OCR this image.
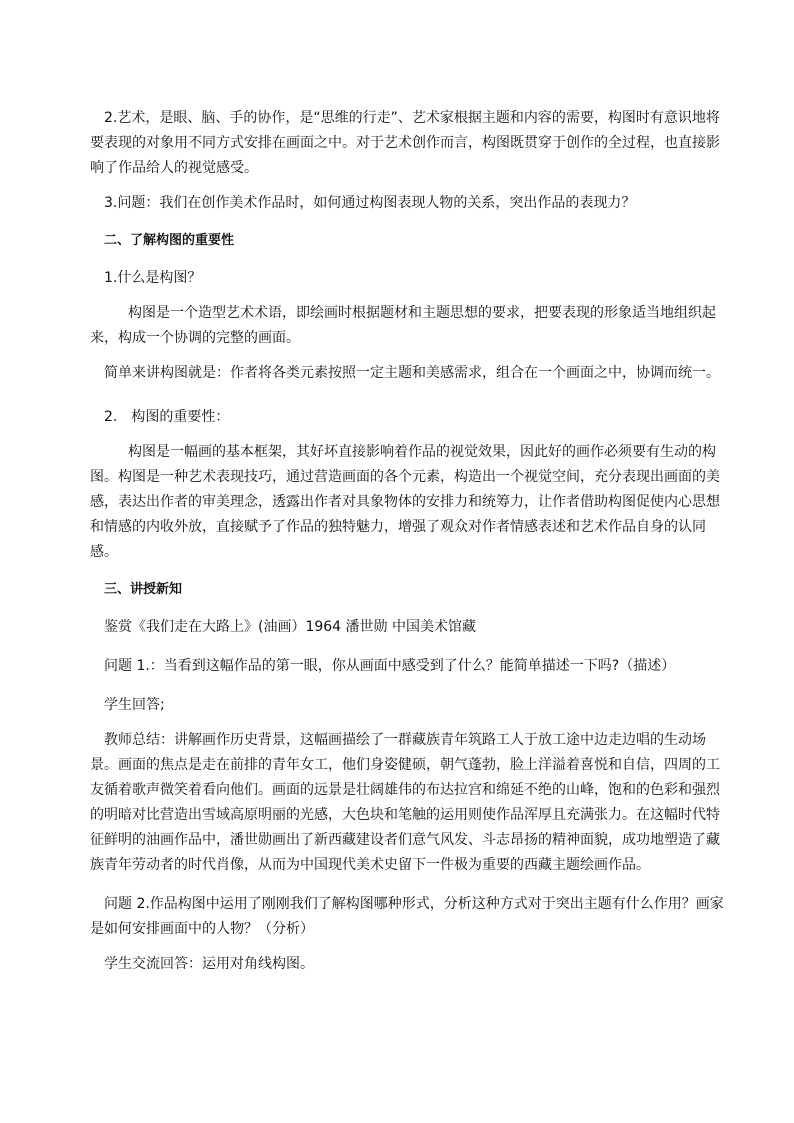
2.艺术，是眼、脑、手的协作，是“思维的行走”、艺术家根据主题和内容的需要，构图时有意识地将要表现的对象用不同方式安排在画面之中。对于艺术创作而言，构图既贯穿于创作的全过程，也直接影响了作品给人的视觉感受。

3.问题：我们在创作美术作品时，如何通过构图表现人物的关系，突出作品的表现力？

二、了解构图的重要性

1.什么是构图？

构图是一个造型艺术术语，即绘画时根据题材和主题思想的要求，把要表现的形象适当地组织起来，构成一个协调的完整的画面。

简单来讲构图就是：作者将各类元素按照一定主题和美感需求，组合在一个画面之中，协调而统一。

2.　构图的重要性：

构图是一幅画的基本框架，其好坏直接影响着作品的视觉效果，因此好的画作必须要有生动的构图。构图是一种艺术表现技巧，通过营造画面的各个元素，构造出一个视觉空间，充分表现出画面的美感，表达出作者的审美理念，透露出作者对具象物体的安排力和统筹力，让作者借助构图促使内心思想和情感的内收外放，直接赋予了作品的独特魅力，增强了观众对作者情感表述和艺术作品自身的认同感。

三、讲授新知

鉴赏《我们走在大路上》(油画）1964 潘世勋 中国美术馆藏

问题 1.：当看到这幅作品的第一眼，你从画面中感受到了什么？能简单描述一下吗?（描述）

学生回答;

教师总结：讲解画作历史背景，这幅画描绘了一群藏族青年筑路工人于放工途中边走边唱的生动场景。画面的焦点是走在前排的青年女工，他们身姿健硕，朝气蓬勃，脸上洋溢着喜悦和自信，四周的工友循着歌声微笑着看向他们。画面的远景是壮阔雄伟的布达拉宫和绵延不绝的山峰，饱和的色彩和强烈的明暗对比营造出雪域高原明丽的光感，大色块和笔触的运用则使作品浑厚且充满张力。在这幅时代特征鲜明的油画作品中，潘世勋画出了新西藏建设者们意气风发、斗志昂扬的精神面貌，成功地塑造了藏族青年劳动者的时代肖像，从而为中国现代美术史留下一件极为重要的西藏主题绘画作品。

问题 2.作品构图中运用了刚刚我们了解构图哪种形式，分析这种方式对于突出主题有什么作用？画家是如何安排画面中的人物？（分析）

学生交流回答：运用对角线构图。
